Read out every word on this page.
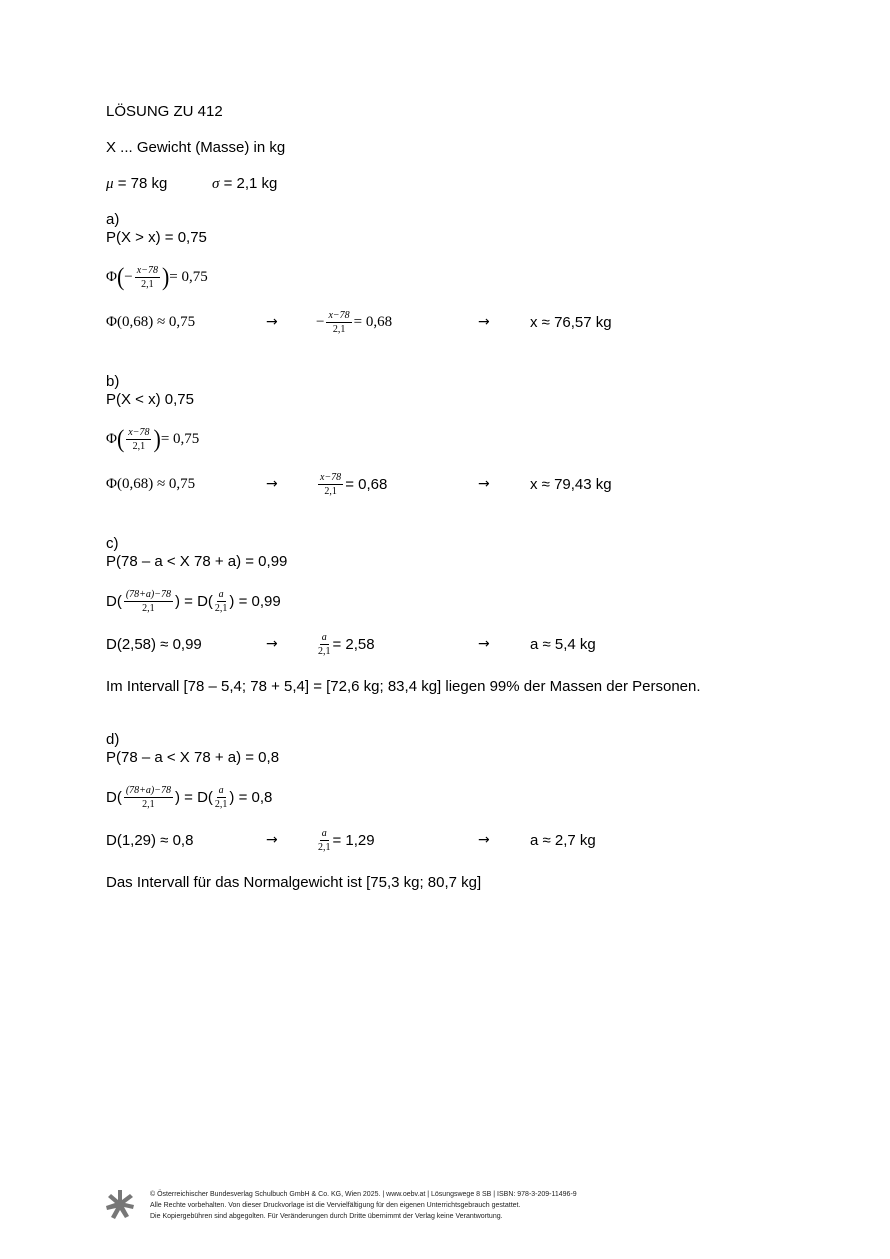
LÖSUNG ZU 412
X ... Gewicht (Masse) in kg
μ = 78 kg	σ = 2,1 kg
a)
P(X > x) = 0,75
Φ ( − $\frac{x-78}{2,1}$ ) = 0,75
Φ(0,68) ≈ 0,75	→	− $\frac{x-78}{2,1} = 0,68$	→	x ≈ 76,57 kg
b)
P(X < x) 0,75
Φ ( $\frac{x-78}{2,1}$ ) = 0,75
Φ(0,68) ≈ 0,75	→	$\frac{x-78}{2,1} = 0,68$	→	x ≈ 79,43 kg
c)
P(78 – a < X 78 + a) = 0,99
$D( \frac{(78+a)-78}{2,1}$ ) = $D( \frac{a}{2,1}$ ) = 0,99
D(2,58) ≈ 0,99	→	$\frac{a}{2,1} = 2,58$	→	a ≈ 5,4 kg
Im Intervall [78 – 5,4; 78 + 5,4] = [72,6 kg; 83,4 kg] liegen 99% der Massen der Personen.
d)
P(78 – a < X 78 + a) = 0,8
$D( \frac{(78+a)-78}{2,1}$ ) = $D( \frac{a}{2,1}$ ) = 0,8
D(1,29) ≈ 0,8	→	$\frac{a}{2,1} = 1,29$	→	a ≈ 2,7 kg
Das Intervall für das Normalgewicht ist [75,3 kg; 80,7 kg]
© Österreichischer Bundesverlag Schulbuch GmbH & Co. KG, Wien 2025. | www.oebv.at | Lösungswege 8 SB | ISBN: 978-3-209-11496-9
Alle Rechte vorbehalten. Von dieser Druckvorlage ist die Vervielfältigung für den eigenen Unterrichtsgebrauch gestattet.
Die Kopiergebühren sind abgegolten. Für Veränderungen durch Dritte übernimmt der Verlag keine Verantwortung.
